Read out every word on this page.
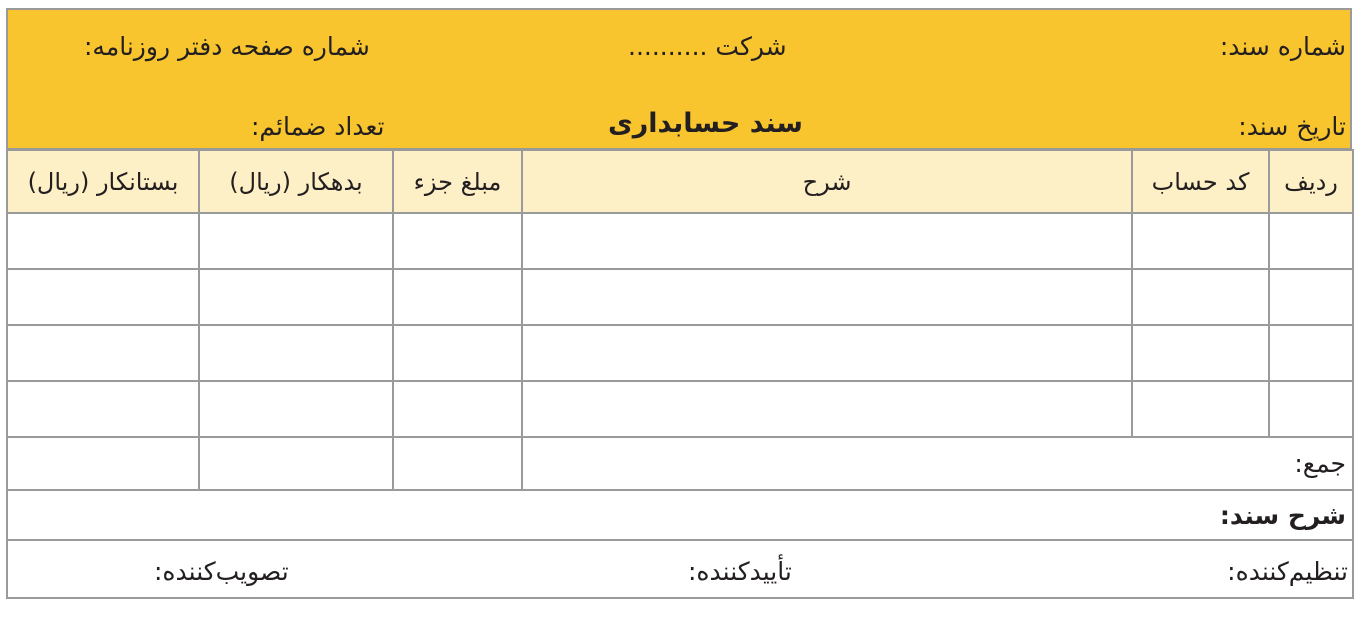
شماره سند:
شرکت ..........
شماره صفحه دفتر روزنامه:
تاریخ سند:
سند حسابداری
تعداد ضمائم:
بستانکار (ریال)	بدهکار (ریال)	مبلغ جزء	شرح	کد حساب	ردیف

			جمع:		
شرح سند:					

تنظیم‌کننده:
تأیید‌کننده:
تصویب‌کننده:					
